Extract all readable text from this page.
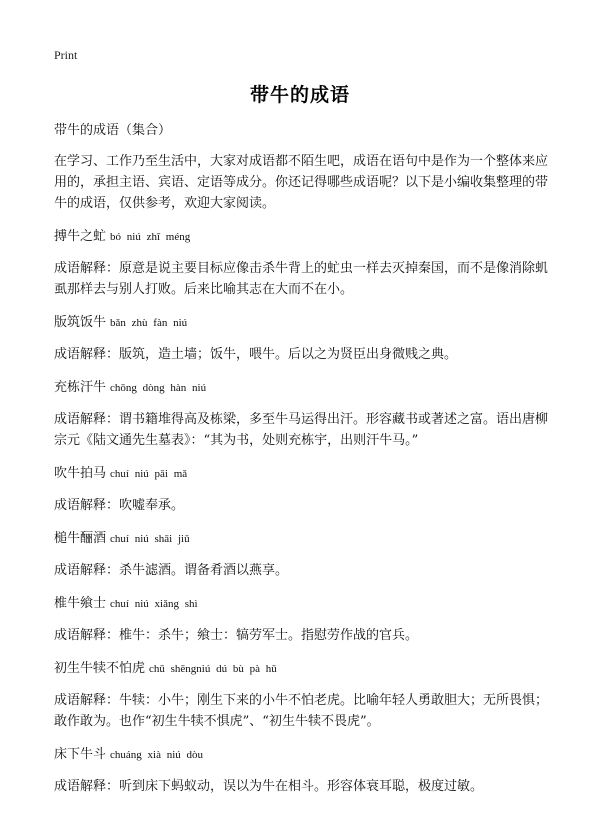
Print
带牛的成语
带牛的成语（集合）
在学习、工作乃至生活中，大家对成语都不陌生吧，成语在语句中是作为一个整体来应用的，承担主语、宾语、定语等成分。你还记得哪些成语呢？以下是小编收集整理的带牛的成语，仅供参考，欢迎大家阅读。
搏牛之虻 bó niú zhī méng
成语解释：原意是说主要目标应像击杀牛背上的虻虫一样去灭掉秦国，而不是像消除虮虱那样去与别人打败。后来比喻其志在大而不在小。
版筑饭牛 bǎn zhù fàn niú
成语解释：版筑，造土墙；饭牛，喂牛。后以之为贤臣出身微贱之典。
充栋汗牛 chōng dòng hàn niú
成语解释：谓书籍堆得高及栋梁，多至牛马运得出汗。形容藏书或著述之富。语出唐柳宗元《陆文通先生墓表》：“其为书，处则充栋宇，出则汗牛马。”
吹牛拍马 chuí niú pāi mǎ
成语解释：吹嘘奉承。
槌牛酾酒 chuí niú shāi jiǔ
成语解释：杀牛滤酒。谓备肴酒以燕享。
椎牛飨士 chuí niú xiǎng shì
成语解释：椎牛：杀牛；飨士：犒劳军士。指慰劳作战的官兵。
初生牛犊不怕虎 chū shēngniú dú bù pà hǔ
成语解释：牛犊：小牛；刚生下来的小牛不怕老虎。比喻年轻人勇敢胆大；无所畏惧；敢作敢为。也作“初生牛犊不惧虎”、“初生牛犊不畏虎”。
床下牛斗 chuáng xià niú dòu
成语解释：听到床下蚂蚁动，误以为牛在相斗。形容体衰耳聪，极度过敏。
